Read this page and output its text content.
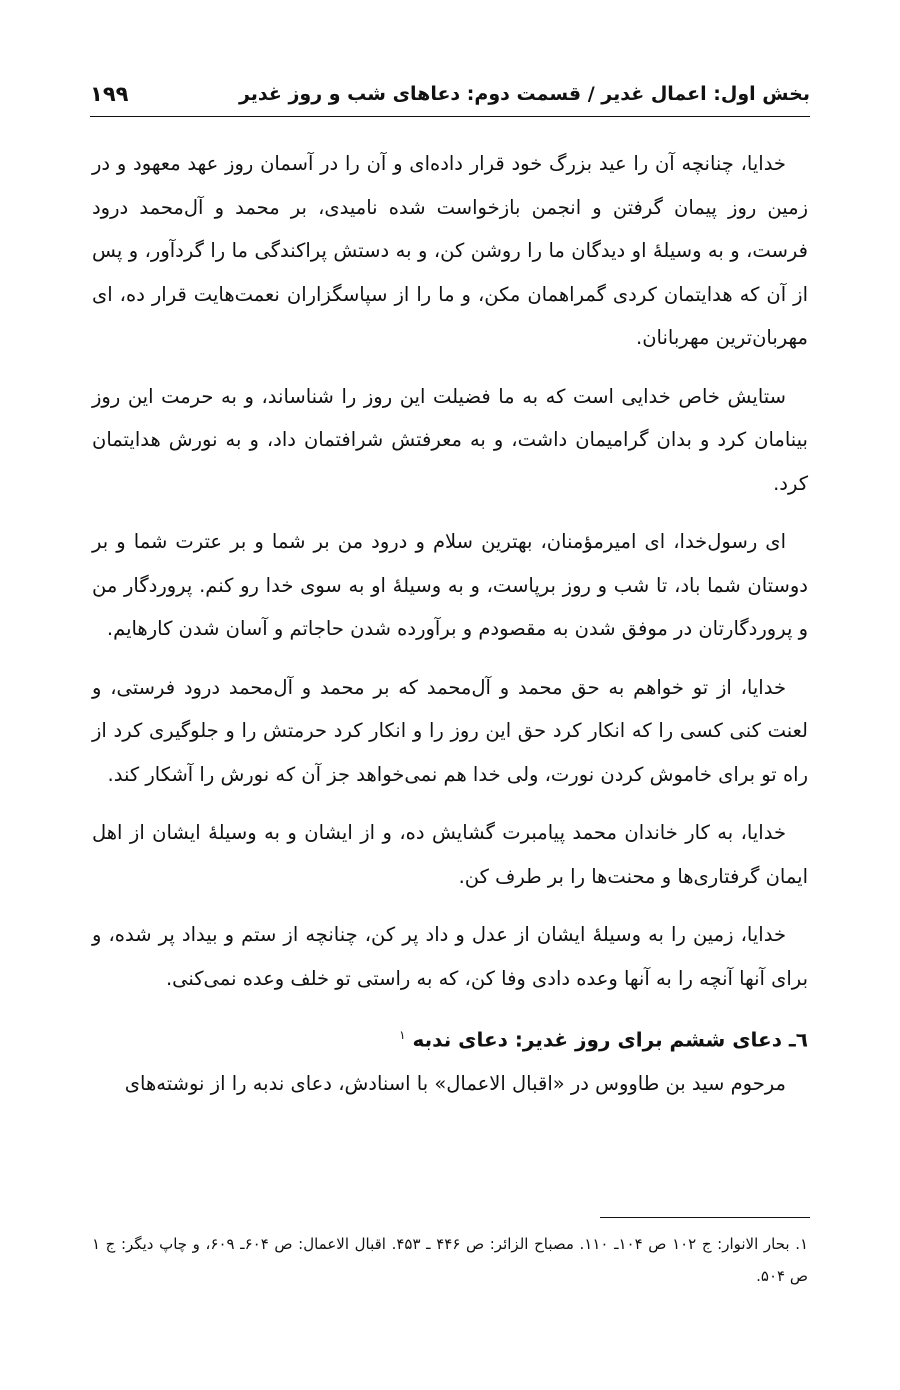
بخش اول: اعمال غدیر / قسمت دوم: دعاهای شب و روز غدیر
۱۹۹

خدایا، چنانچه آن را عید بزرگ خود قرار داده‌ای و آن را در آسمان روز عهد معهود و در زمین روز پیمان گرفتن و انجمن بازخواست شده نامیدی، بر محمد و آل‌محمد درود فرست، و به وسیلهٔ او دیدگان ما را روشن کن، و به دستش پراکندگی ما را گردآور، و پس از آن که هدایتمان کردی گمراهمان مکن، و ما را از سپاسگزاران نعمت‌هایت قرار ده، ای مهربان‌ترین مهربانان.

ستایش خاص خدایی است که به ما فضیلت این روز را شناساند، و به حرمت این روز بینامان کرد و بدان گرامیمان داشت، و به معرفتش شرافتمان داد، و به نورش هدایتمان کرد.

ای رسول‌خدا، ای امیرمؤمنان، بهترین سلام و درود من بر شما و بر عترت شما و بر دوستان شما باد، تا شب و روز برپاست، و به وسیلهٔ او به سوی خدا رو کنم. پروردگار من و پروردگارتان در موفق شدن به مقصودم و برآورده شدن حاجاتم و آسان شدن کارهایم.

خدایا، از تو خواهم به حق محمد و آل‌محمد که بر محمد و آل‌محمد درود فرستی، و لعنت کنی کسی را که انکار کرد حق این روز را و انکار کرد حرمتش را و جلوگیری کرد از راه تو برای خاموش کردن نورت، ولی خدا هم نمی‌خواهد جز آن که نورش را آشکار کند.

خدایا، به کار خاندان محمد پیامبرت گشایش ده، و از ایشان و به وسیلهٔ ایشان از اهل ایمان گرفتاری‌ها و محنت‌ها را بر طرف کن.

خدایا، زمین را به وسیلهٔ ایشان از عدل و داد پر کن، چنانچه از ستم و بیداد پر شده، و برای آنها آنچه را به آنها وعده دادی وفا کن، که به راستی تو خلف وعده نمی‌کنی.

٦ـ دعای ششم برای روز غدیر: دعای ندبه $^۱$

مرحوم سید بن طاووس در «اقبال الاعمال» با اسنادش، دعای ندبه را از نوشته‌های

۱. بحار الانوار: ج ۱۰۲ ص ۱۰۴ـ ۱۱۰. مصباح الزائر: ص ۴۴۶ ـ ۴۵۳. اقبال الاعمال: ص ۶۰۴ـ ۶۰۹، و چاپ دیگر: ج ۱ ص ۵۰۴.
